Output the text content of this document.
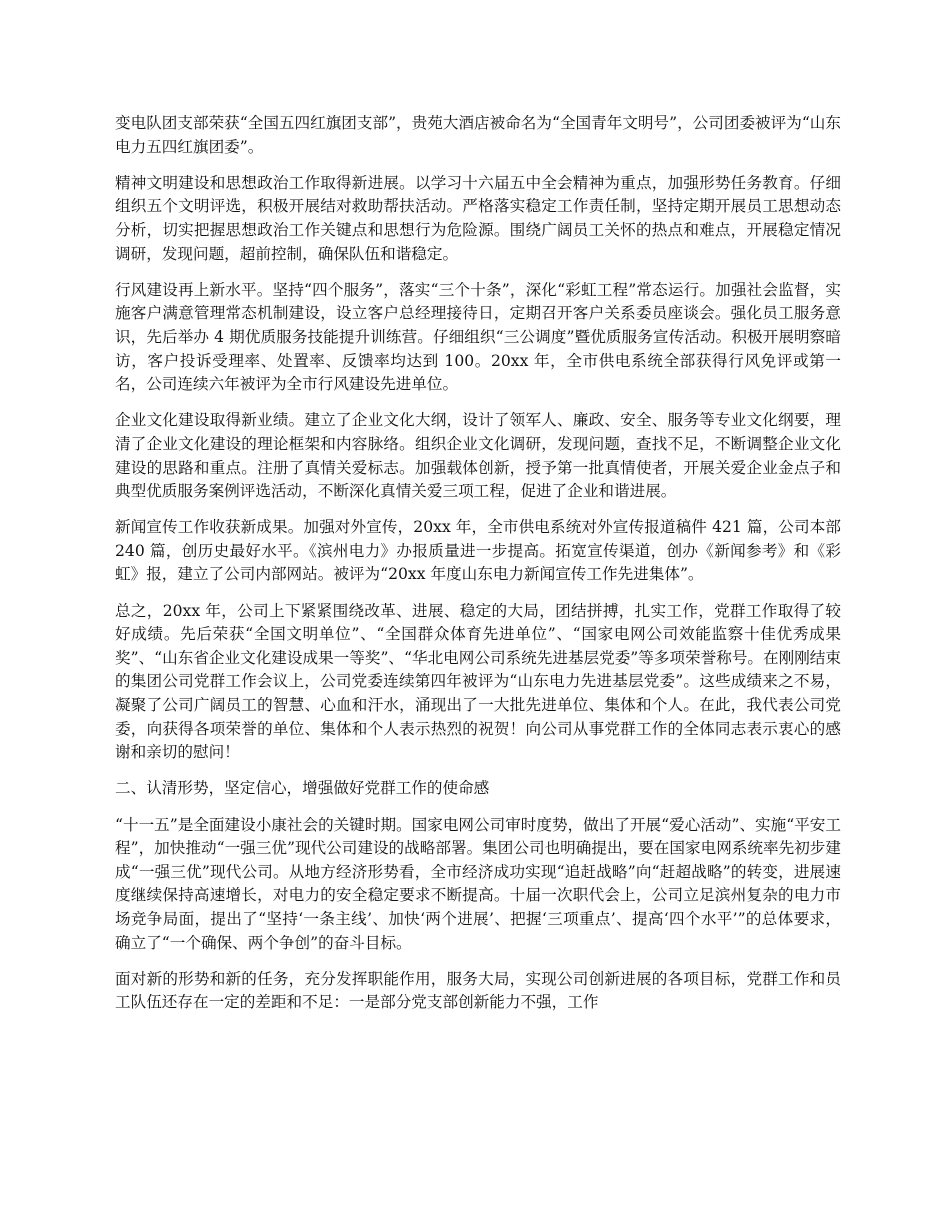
变电队团支部荣获“全国五四红旗团支部”，贵苑大酒店被命名为“全国青年文明号”，公司团委被评为“山东电力五四红旗团委”。

精神文明建设和思想政治工作取得新进展。以学习十六届五中全会精神为重点，加强形势任务教育。仔细组织五个文明评选，积极开展结对救助帮扶活动。严格落实稳定工作责任制，坚持定期开展员工思想动态分析，切实把握思想政治工作关键点和思想行为危险源。围绕广阔员工关怀的热点和难点，开展稳定情况调研，发现问题，超前控制，确保队伍和谐稳定。

行风建设再上新水平。坚持“四个服务”，落实“三个十条”，深化“彩虹工程”常态运行。加强社会监督，实施客户满意管理常态机制建设，设立客户总经理接待日，定期召开客户关系委员座谈会。强化员工服务意识，先后举办 4 期优质服务技能提升训练营。仔细组织“三公调度”暨优质服务宣传活动。积极开展明察暗访，客户投诉受理率、处置率、反馈率均达到 100。20xx 年，全市供电系统全部获得行风免评或第一名，公司连续六年被评为全市行风建设先进单位。

企业文化建设取得新业绩。建立了企业文化大纲，设计了领军人、廉政、安全、服务等专业文化纲要，理清了企业文化建设的理论框架和内容脉络。组织企业文化调研，发现问题，查找不足，不断调整企业文化建设的思路和重点。注册了真情关爱标志。加强载体创新，授予第一批真情使者，开展关爱企业金点子和典型优质服务案例评选活动，不断深化真情关爱三项工程，促进了企业和谐进展。

新闻宣传工作收获新成果。加强对外宣传，20xx 年，全市供电系统对外宣传报道稿件 421 篇，公司本部 240 篇，创历史最好水平。《滨州电力》办报质量进一步提高。拓宽宣传渠道，创办《新闻参考》和《彩虹》报，建立了公司内部网站。被评为“20xx 年度山东电力新闻宣传工作先进集体”。

总之，20xx 年，公司上下紧紧围绕改革、进展、稳定的大局，团结拼搏，扎实工作，党群工作取得了较好成绩。先后荣获“全国文明单位”、“全国群众体育先进单位”、“国家电网公司效能监察十佳优秀成果奖”、“山东省企业文化建设成果一等奖”、“华北电网公司系统先进基层党委”等多项荣誉称号。在刚刚结束的集团公司党群工作会议上，公司党委连续第四年被评为“山东电力先进基层党委”。这些成绩来之不易，凝聚了公司广阔员工的智慧、心血和汗水，涌现出了一大批先进单位、集体和个人。在此，我代表公司党委，向获得各项荣誉的单位、集体和个人表示热烈的祝贺！向公司从事党群工作的全体同志表示衷心的感谢和亲切的慰问！

二、认清形势，坚定信心，增强做好党群工作的使命感

“十一五”是全面建设小康社会的关键时期。国家电网公司审时度势，做出了开展“爱心活动”、实施“平安工程”，加快推动“一强三优”现代公司建设的战略部署。集团公司也明确提出，要在国家电网系统率先初步建成“一强三优”现代公司。从地方经济形势看，全市经济成功实现“追赶战略”向“赶超战略”的转变，进展速度继续保持高速增长，对电力的安全稳定要求不断提高。十届一次职代会上，公司立足滨州复杂的电力市场竞争局面，提出了“坚持‘一条主线’、加快‘两个进展’、把握‘三项重点’、提高‘四个水平’”的总体要求，确立了“一个确保、两个争创”的奋斗目标。

面对新的形势和新的任务，充分发挥职能作用，服务大局，实现公司创新进展的各项目标，党群工作和员工队伍还存在一定的差距和不足：一是部分党支部创新能力不强，工作
